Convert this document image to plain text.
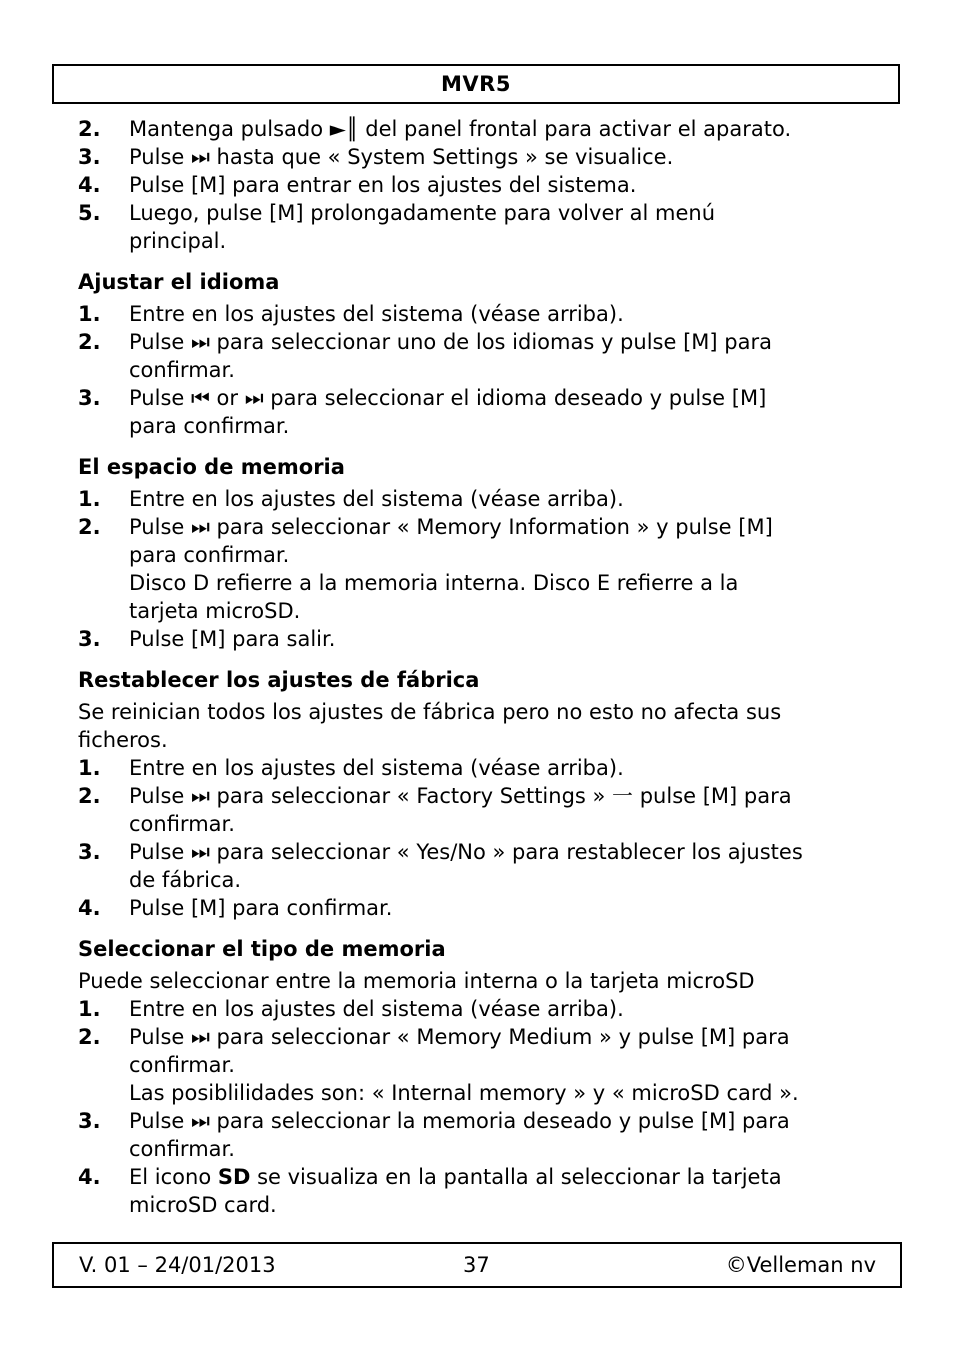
MVR5
2.	Mantenga pulsado ►║ del panel frontal para activar el aparato.
3.	Pulse ⏭ hasta que « System Settings » se visualice.
4.	Pulse [M] para entrar en los ajustes del sistema.
5.	Luego, pulse [M] prolongadamente para volver al menú
principal.
Ajustar el idioma
1.	Entre en los ajustes del sistema (véase arriba).
2.	Pulse ⏭ para seleccionar uno de los idiomas y pulse [M] para
confirmar.
3.	Pulse ⏮ or ⏭ para seleccionar el idioma deseado y pulse [M]
para confirmar.
El espacio de memoria
1.	Entre en los ajustes del sistema (véase arriba).
2.	Pulse ⏭ para seleccionar « Memory Information » y pulse [M]
para confirmar.
Disco D refierre a la memoria interna. Disco E refierre a la
tarjeta microSD.
3.	Pulse [M] para salir.
Restablecer los ajustes de fábrica
Se reinician todos los ajustes de fábrica pero no esto no afecta sus
ficheros.
1.	Entre en los ajustes del sistema (véase arriba).
2.	Pulse ⏭ para seleccionar « Factory Settings » 一 pulse [M] para
confirmar.
3.	Pulse ⏭ para seleccionar « Yes/No » para restablecer los ajustes
de fábrica.
4.	Pulse [M] para confirmar.
Seleccionar el tipo de memoria
Puede seleccionar entre la memoria interna o la tarjeta microSD
1.	Entre en los ajustes del sistema (véase arriba).
2.	Pulse ⏭ para seleccionar « Memory Medium » y pulse [M] para
confirmar.
Las posiblilidades son: « Internal memory » y « microSD card ».
3.	Pulse ⏭ para seleccionar la memoria deseado y pulse [M] para
confirmar.
4.	El icono SD se visualiza en la pantalla al seleccionar la tarjeta
microSD card.
V. 01 – 24/01/2013	37	©Velleman nv
